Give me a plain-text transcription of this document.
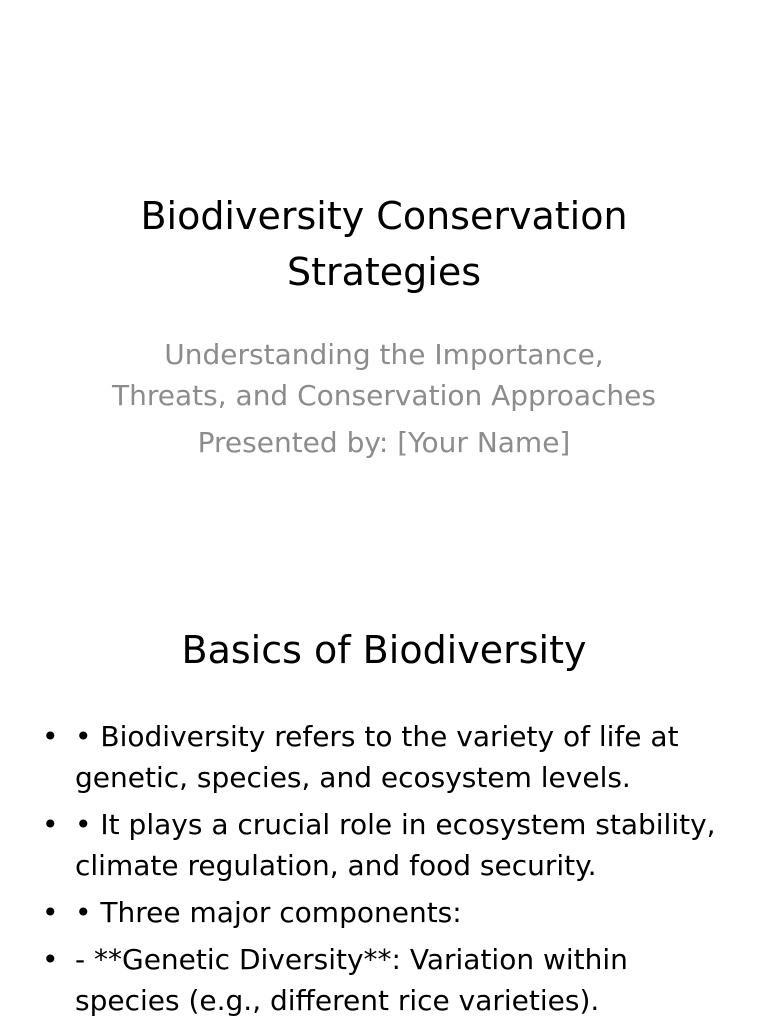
Biodiversity Conservation Strategies
Understanding the Importance, Threats, and Conservation Approaches
Presented by: [Your Name]
Basics of Biodiversity
• • Biodiversity refers to the variety of life at genetic, species, and ecosystem levels.
• • It plays a crucial role in ecosystem stability, climate regulation, and food security.
• • Three major components:
• - **Genetic Diversity**: Variation within species (e.g., different rice varieties).
